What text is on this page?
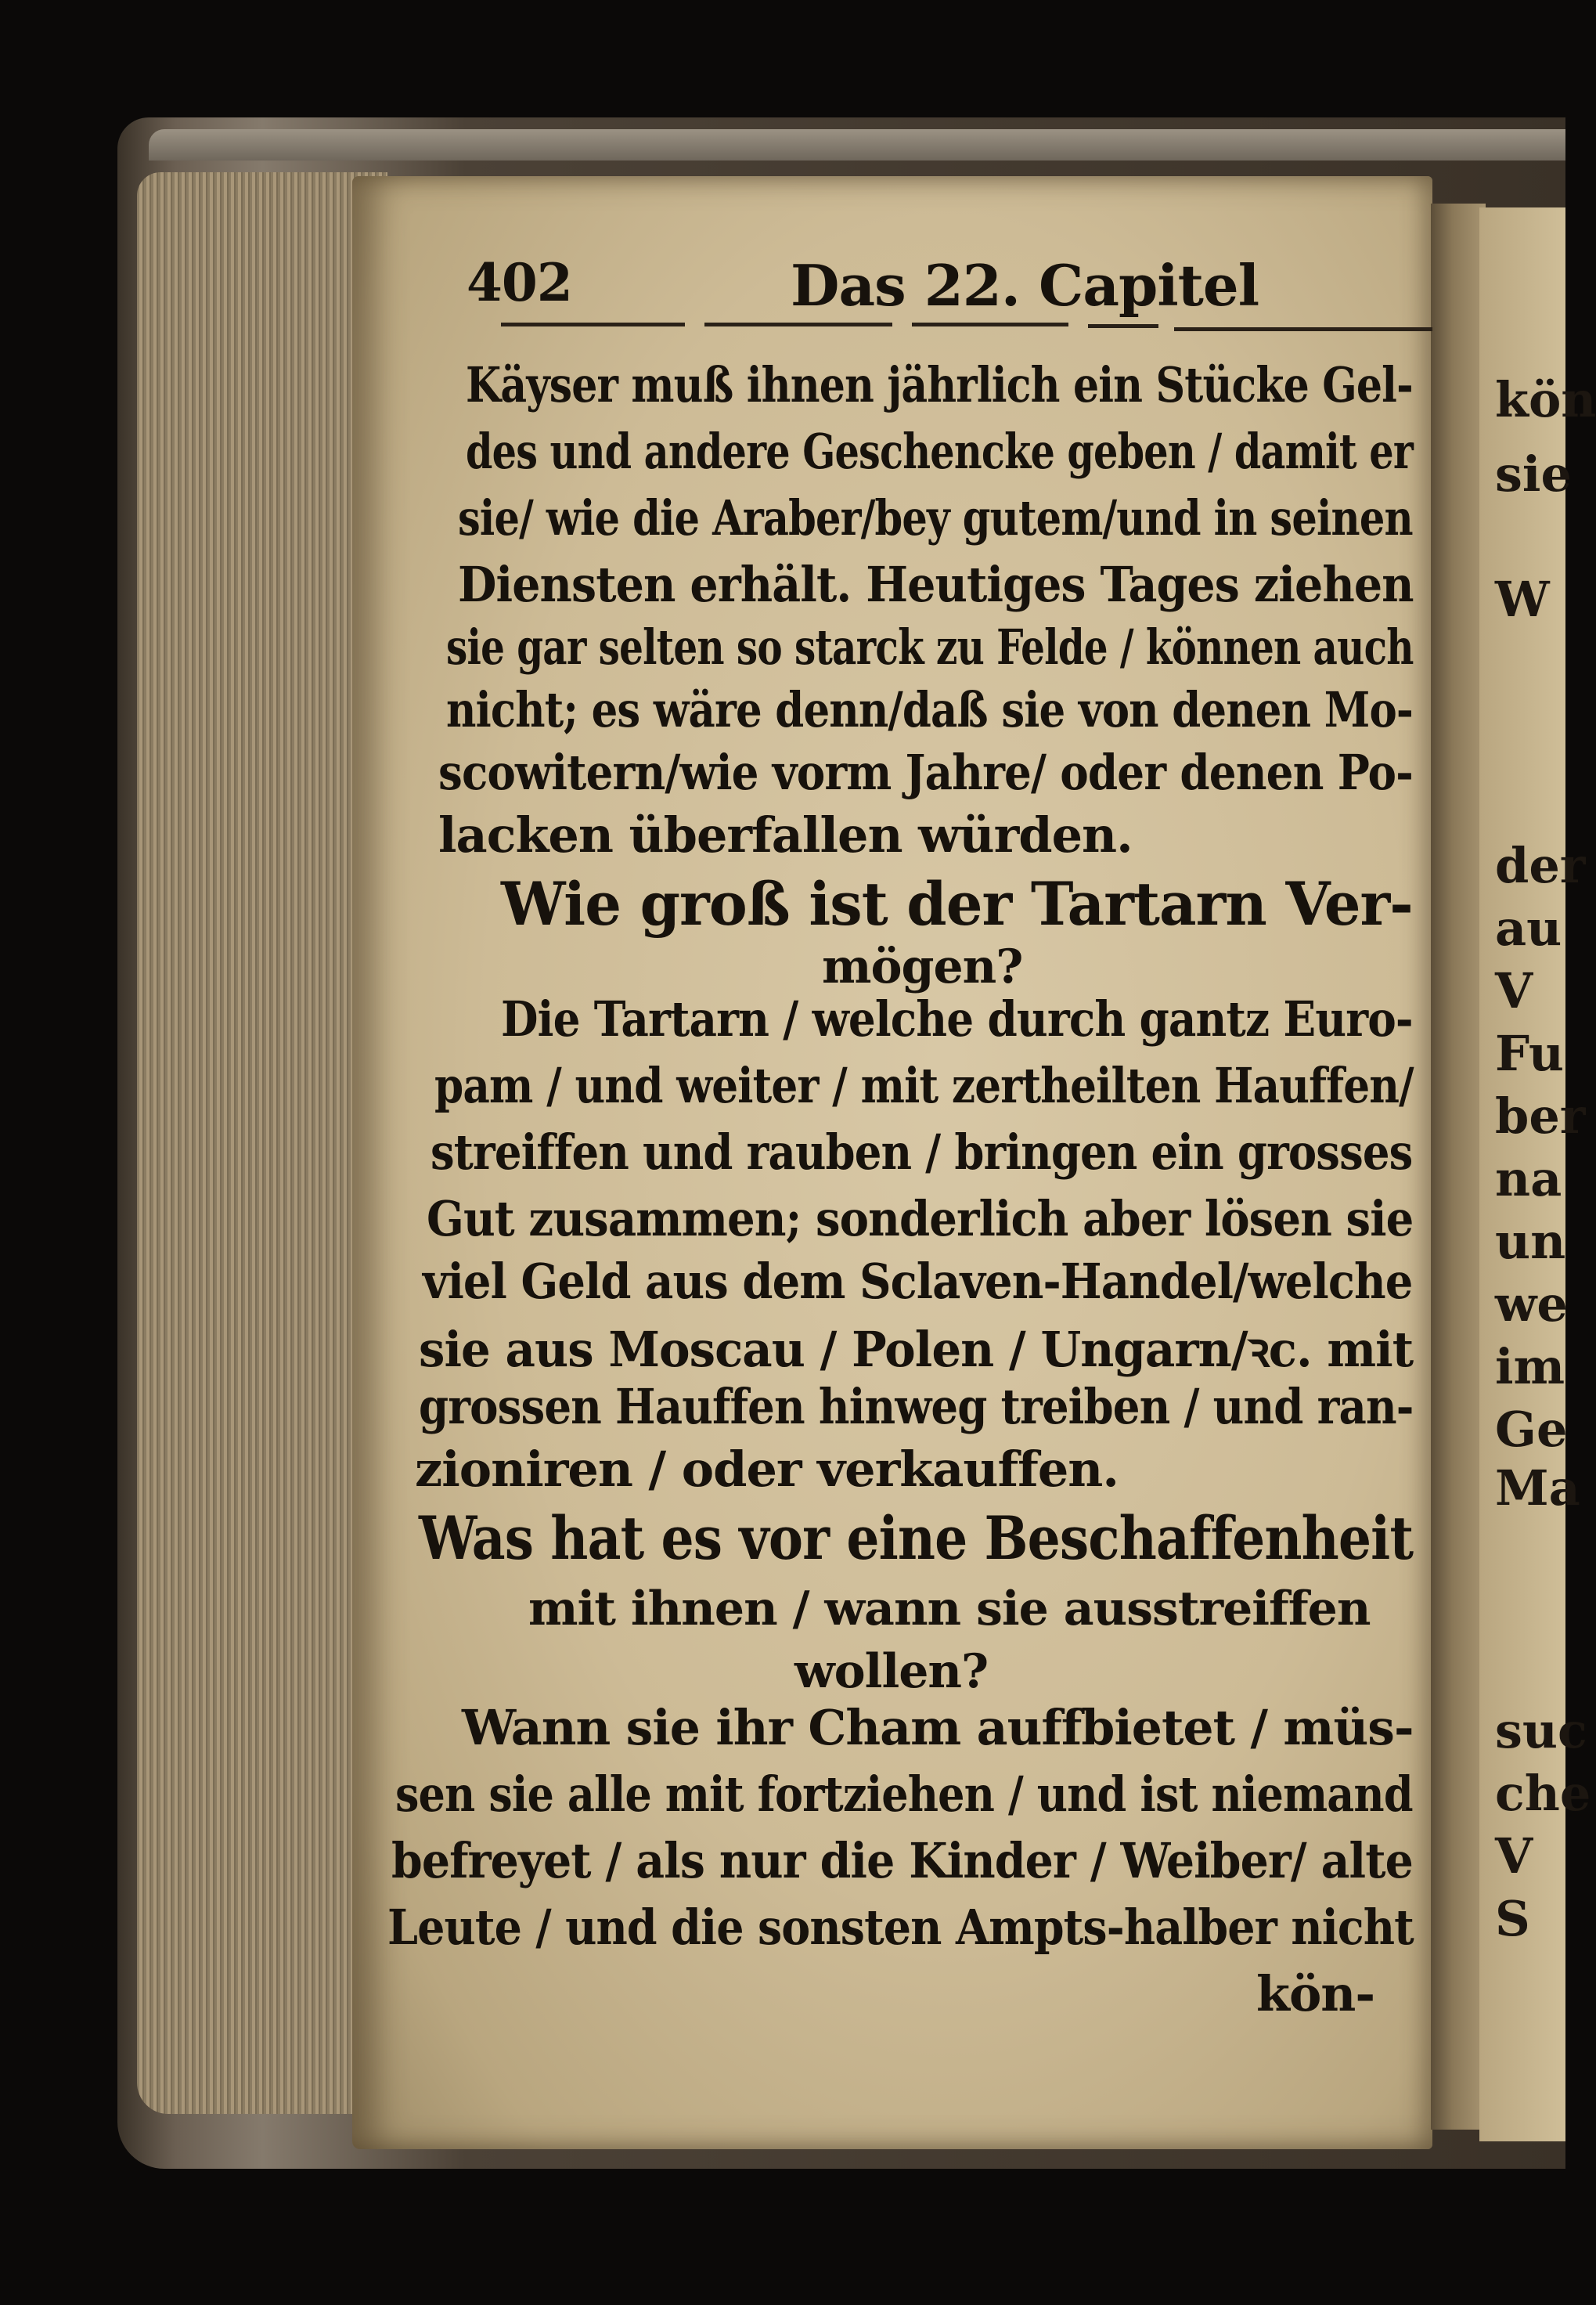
kön
sie
W
der
au
V
Fu
ber
na
un
we
im
Ge
Ma
suc
che
V
S
402	Das 22. Capitel
Käyser muß ihnen jährlich ein Stücke Gel-
des und andere Geschencke geben / damit er
sie/ wie die Araber/bey gutem/und in seinen
Diensten erhält. Heutiges Tages ziehen
sie gar selten so starck zu Felde / können auch
nicht; es wäre denn/daß sie von denen Mo-
scowitern/wie vorm Jahre/ oder denen Po-
lacken überfallen würden.
Wie groß ist der Tartarn Ver-
mögen?
Die Tartarn / welche durch gantz Euro-
pam / und weiter / mit zertheilten Hauffen/
streiffen und rauben / bringen ein grosses
Gut zusammen; sonderlich aber lösen sie
viel Geld aus dem Sclaven-Handel/welche
sie aus Moscau / Polen / Ungarn/ꝛc. mit
grossen Hauffen hinweg treiben / und ran-
zioniren / oder verkauffen.
Was hat es vor eine Beschaffenheit
mit ihnen / wann sie ausstreiffen
wollen?
Wann sie ihr Cham auffbietet / müs-
sen sie alle mit fortziehen / und ist niemand
befreyet / als nur die Kinder / Weiber/ alte
Leute / und die sonsten Ampts-halber nicht
kön-
